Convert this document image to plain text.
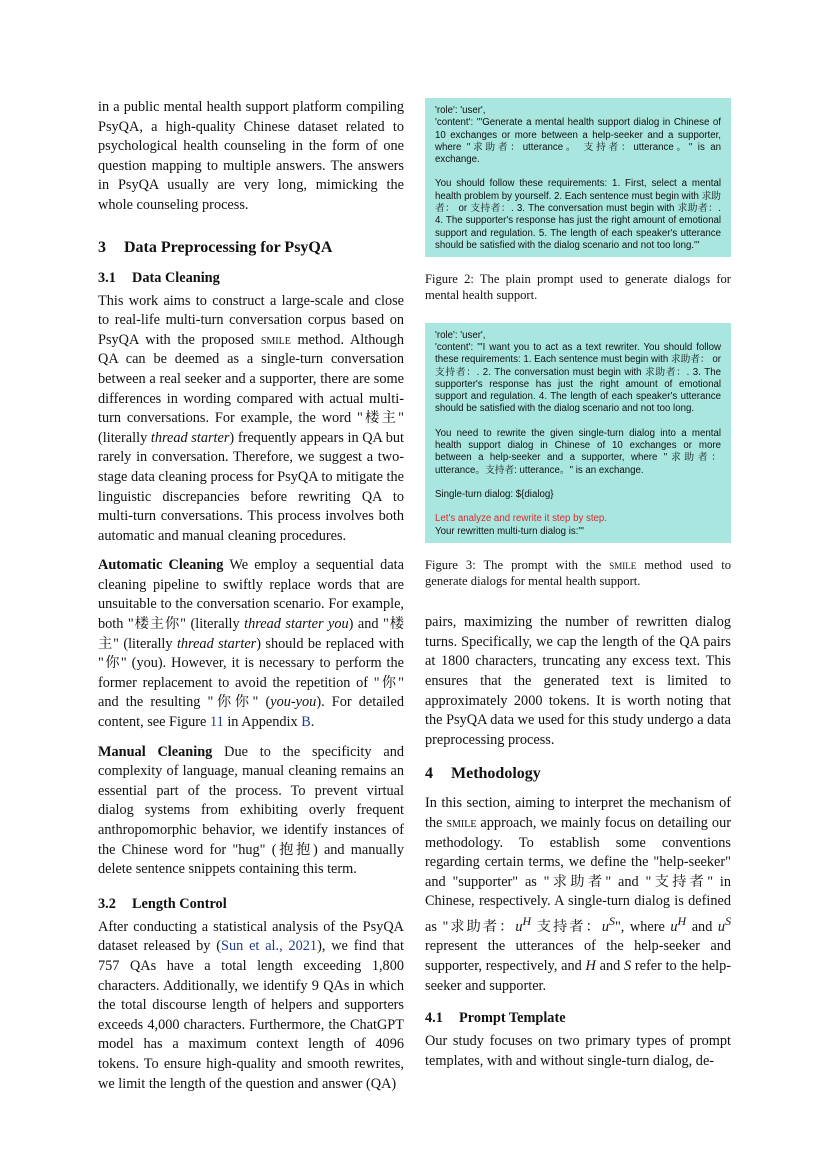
in a public mental health support platform compiling PsyQA, a high-quality Chinese dataset related to psychological health counseling in the form of one question mapping to multiple answers. The answers in PsyQA usually are very long, mimicking the whole counseling process.

3 Data Preprocessing for PsyQA
3.1 Data Cleaning

This work aims to construct a large-scale and close to real-life multi-turn conversation corpus based on PsyQA with the proposed smile method. Although QA can be deemed as a single-turn conversation between a real seeker and a supporter, there are some differences in wording compared with actual multi-turn conversations. For example, the word "楼主" (literally thread starter) frequently appears in QA but rarely in conversation. Therefore, we suggest a two-stage data cleaning process for PsyQA to mitigate the linguistic discrepancies before rewriting QA to multi-turn conversations. This process involves both automatic and manual cleaning procedures.

Automatic Cleaning We employ a sequential data cleaning pipeline to swiftly replace words that are unsuitable to the conversation scenario. For example, both "楼主你" (literally thread starter you) and "楼主" (literally thread starter) should be replaced with "你" (you). However, it is necessary to perform the former replacement to avoid the repetition of "你" and the resulting "你你" (you-you). For detailed content, see Figure 11 in Appendix B.

Manual Cleaning Due to the specificity and complexity of language, manual cleaning remains an essential part of the process. To prevent virtual dialog systems from exhibiting overly frequent anthropomorphic behavior, we identify instances of the Chinese word for "hug" (抱抱) and manually delete sentence snippets containing this term.

3.2 Length Control

After conducting a statistical analysis of the PsyQA dataset released by (Sun et al., 2021), we find that 757 QAs have a total length exceeding 1,800 characters. Additionally, we identify 9 QAs in which the total discourse length of helpers and supporters exceeds 4,000 characters. Furthermore, the ChatGPT model has a maximum context length of 4096 tokens. To ensure high-quality and smooth rewrites, we limit the length of the question and answer (QA)

'role': 'user',

'content': '''Generate a mental health support dialog in Chinese of 10 exchanges or more between a help-seeker and a supporter, where "求助者：utterance。 支持者：utterance。" is an exchange.

You should follow these requirements: 1. First, select a mental health problem by yourself. 2. Each sentence must begin with 求助者： or 支持者：. 3. The conversation must begin with 求助者：. 4. The supporter's response has just the right amount of emotional support and regulation. 5. The length of each speaker's utterance should be satisfied with the dialog scenario and not too long.'''

Figure 2: The plain prompt used to generate dialogs for mental health support.

'role': 'user',

'content': '''I want you to act as a text rewriter. You should follow these requirements: 1. Each sentence must begin with 求助者： or 支持者：. 2. The conversation must begin with 求助者：. 3. The supporter's response has just the right amount of emotional support and regulation. 4. The length of each speaker's utterance should be satisfied with the dialog scenario and not too long.

You need to rewrite the given single-turn dialog into a mental health support dialog in Chinese of 10 exchanges or more between a help-seeker and a supporter, where "求助者：utterance。支持者: utterance。" is an exchange.

Single-turn dialog: ${dialog}

Let's analyze and rewrite it step by step.

Your rewritten multi-turn dialog is:'''

Figure 3: The prompt with the smile method used to generate dialogs for mental health support.

pairs, maximizing the number of rewritten dialog turns. Specifically, we cap the length of the QA pairs at 1800 characters, truncating any excess text. This ensures that the generated text is limited to approximately 2000 tokens. It is worth noting that the PsyQA data we used for this study undergo a data preprocessing process.

4 Methodology

In this section, aiming to interpret the mechanism of the smile approach, we mainly focus on detailing our methodology. To establish some conventions regarding certain terms, we define the "help-seeker" and "supporter" as "求助者" and "支持者" in Chinese, respectively. A single-turn dialog is defined as "求助者：$u^H$ 支持者：$u^S$", where $u^H$ and $u^S$ represent the utterances of the help-seeker and supporter, respectively, and H and S refer to the help-seeker and supporter.

4.1 Prompt Template

Our study focuses on two primary types of prompt templates, with and without single-turn dialog, de-
